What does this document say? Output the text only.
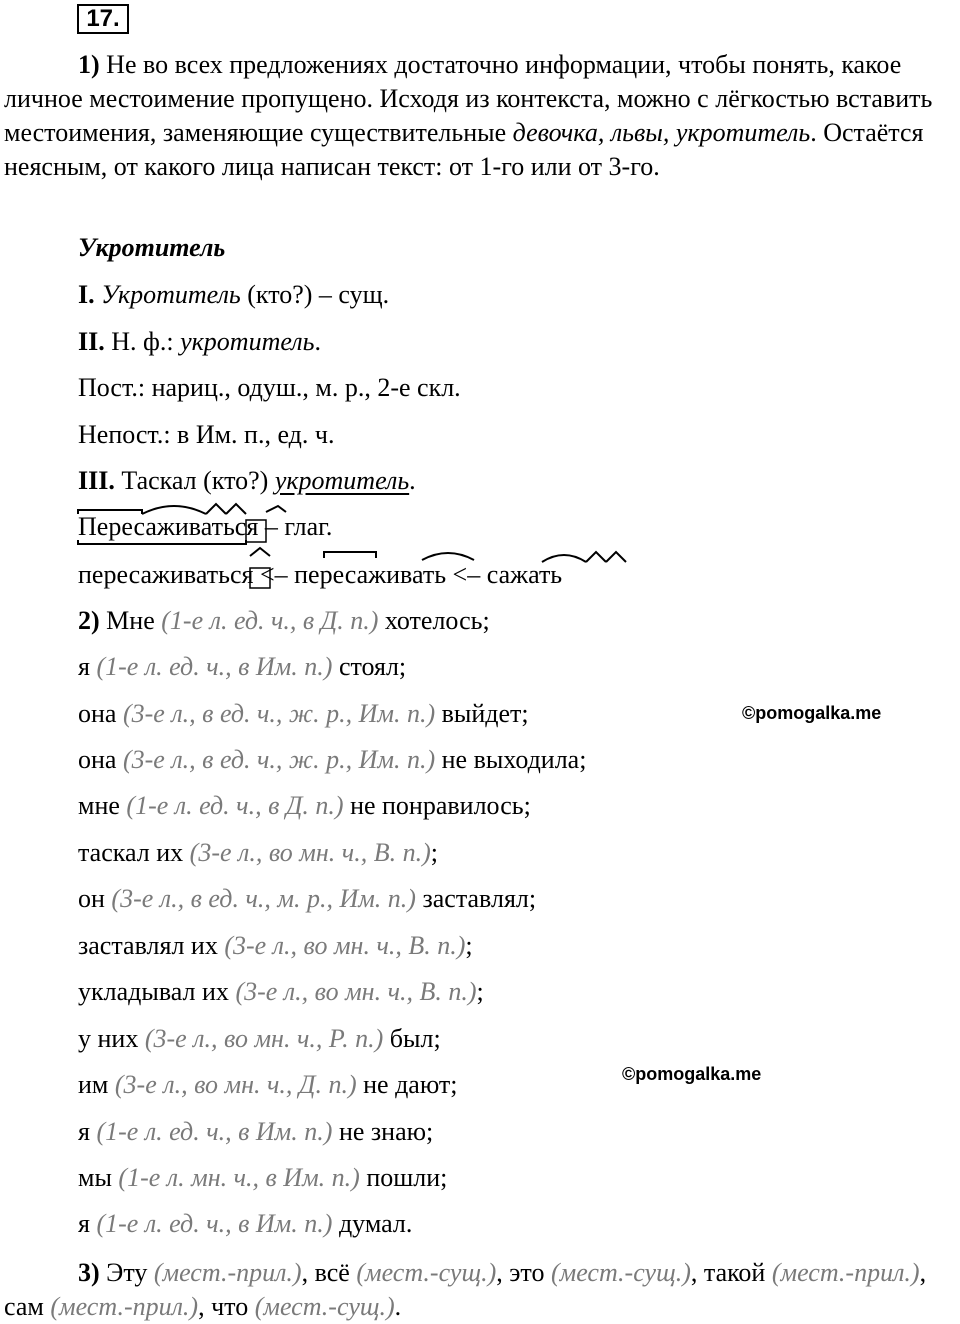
17.

1) Не во всех предложениях достаточно информации, чтобы понять, какое личное местоимение пропущено. Исходя из контекста, можно с лёгкостью вставить местоимения, заменяющие существительные девочка, львы, укротитель. Остаётся неясным, от какого лица написан текст: от 1-го или от 3-го.

Укротитель
I. Укротитель (кто?) – сущ.
II. Н. ф.: укротитель.
Пост.: нариц., одуш., м. р., 2-е скл.
Непост.: в Им. п., ед. ч.
III. Таскал (кто?) укротитель.
Пересаживаться – глаг.
пересаживаться <– пересаживать <– сажать
2) Мне (1-е л. ед. ч., в Д. п.) хотелось;
я (1-е л. ед. ч., в Им. п.) стоял;
она (3-е л., в ед. ч., ж. р., Им. п.) выйдет;
она (3-е л., в ед. ч., ж. р., Им. п.) не выходила;
мне (1-е л. ед. ч., в Д. п.) не понравилось;
таскал их (3-е л., во мн. ч., В. п.);
он (3-е л., в ед. ч., м. р., Им. п.) заставлял;
заставлял их (3-е л., во мн. ч., В. п.);
укладывал их (3-е л., во мн. ч., В. п.);
у них (3-е л., во мн. ч., Р. п.) был;
им (3-е л., во мн. ч., Д. п.) не дают;
я (1-е л. ед. ч., в Им. п.) не знаю;
мы (1-е л. мн. ч., в Им. п.) пошли;
я (1-е л. ед. ч., в Им. п.) думал.

3) Эту (мест.-прил.), всё (мест.-сущ.), это (мест.-сущ.), такой (мест.-прил.), сам (мест.-прил.), что (мест.-сущ.).

©pomogalka.me
©pomogalka.me
